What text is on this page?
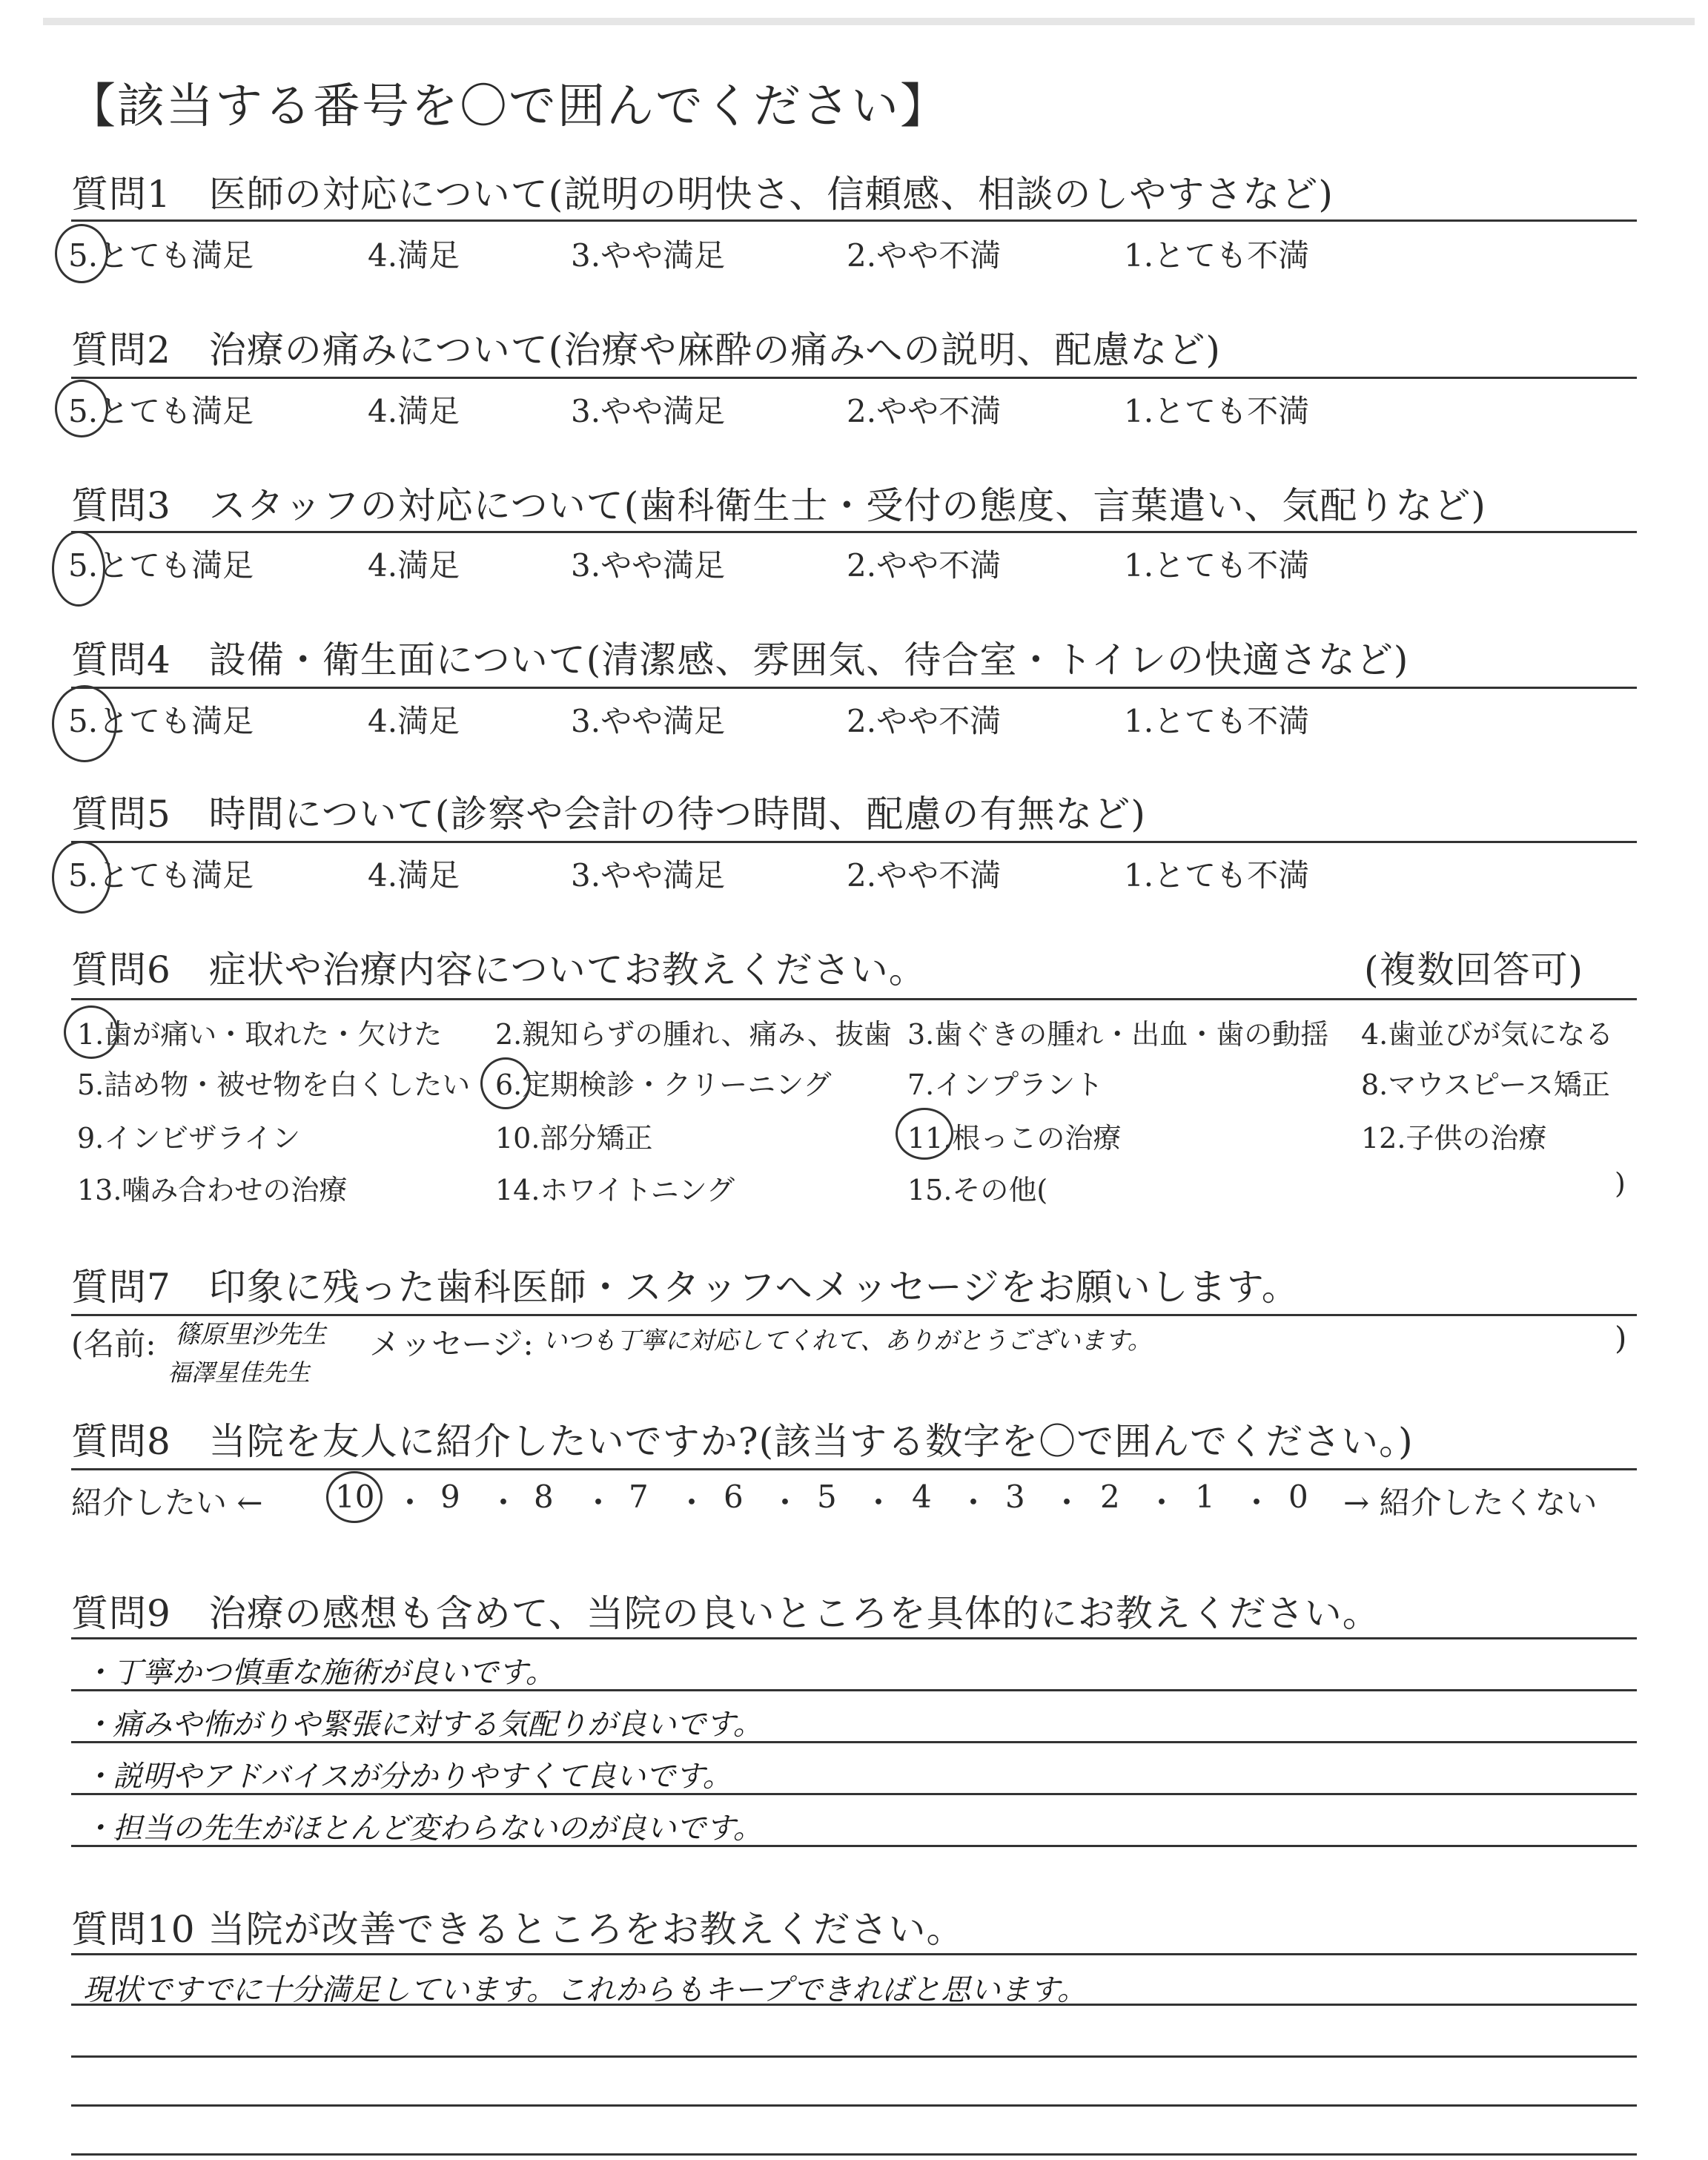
【該当する番号を〇で囲んでください】
質問1　医師の対応について(説明の明快さ、信頼感、相談のしやすさなど)
5.とても満足	4.満足	3.やや満足	2.やや不満	1.とても不満
質問2　治療の痛みについて(治療や麻酔の痛みへの説明、配慮など)
5.とても満足	4.満足	3.やや満足	2.やや不満	1.とても不満
質問3　スタッフの対応について(歯科衛生士・受付の態度、言葉遣い、気配りなど)
5.とても満足	4.満足	3.やや満足	2.やや不満	1.とても不満
質問4　設備・衛生面について(清潔感、雰囲気、待合室・トイレの快適さなど)
5.とても満足	4.満足	3.やや満足	2.やや不満	1.とても不満
質問5　時間について(診察や会計の待つ時間、配慮の有無など)
5.とても満足	4.満足	3.やや満足	2.やや不満	1.とても不満
質問6　症状や治療内容についてお教えください。	(複数回答可)
1.歯が痛い・取れた・欠けた 2.親知らずの腫れ、痛み、抜歯 3.歯ぐきの腫れ・出血・歯の動揺 4.歯並びが気になる
5.詰め物・被せ物を白くしたい 6.定期検診・クリーニング	7.インプラント	8.マウスピース矯正
9.インビザライン	10.部分矯正	11.根っこの治療	12.子供の治療
13.噛み合わせの治療	14.ホワイトニング	15.その他(	)
質問7　印象に残った歯科医師・スタッフへメッセージをお願いします。
(名前: 篠原里沙先生
福澤星佳先生
メッセージ: いつも丁寧に対応してくれて、ありがとうございます。	)
質問8　当院を友人に紹介したいですか?(該当する数字を〇で囲んでください。)
紹介したい ← 10 ・ 9 ・ 8 ・ 7 ・ 6 ・ 5 ・ 4 ・ 3 ・ 2 ・ 1 ・ 0 → 紹介したくない
質問9　治療の感想も含めて、当院の良いところを具体的にお教えください。
・丁寧かつ慎重な施術が良いです。
・痛みや怖がりや緊張に対する気配りが良いです。
・説明やアドバイスが分かりやすくて良いです。
・担当の先生がほとんど変わらないのが良いです。
質問10 当院が改善できるところをお教えください。
現状ですでに十分満足しています。これからもキープできればと思います。
